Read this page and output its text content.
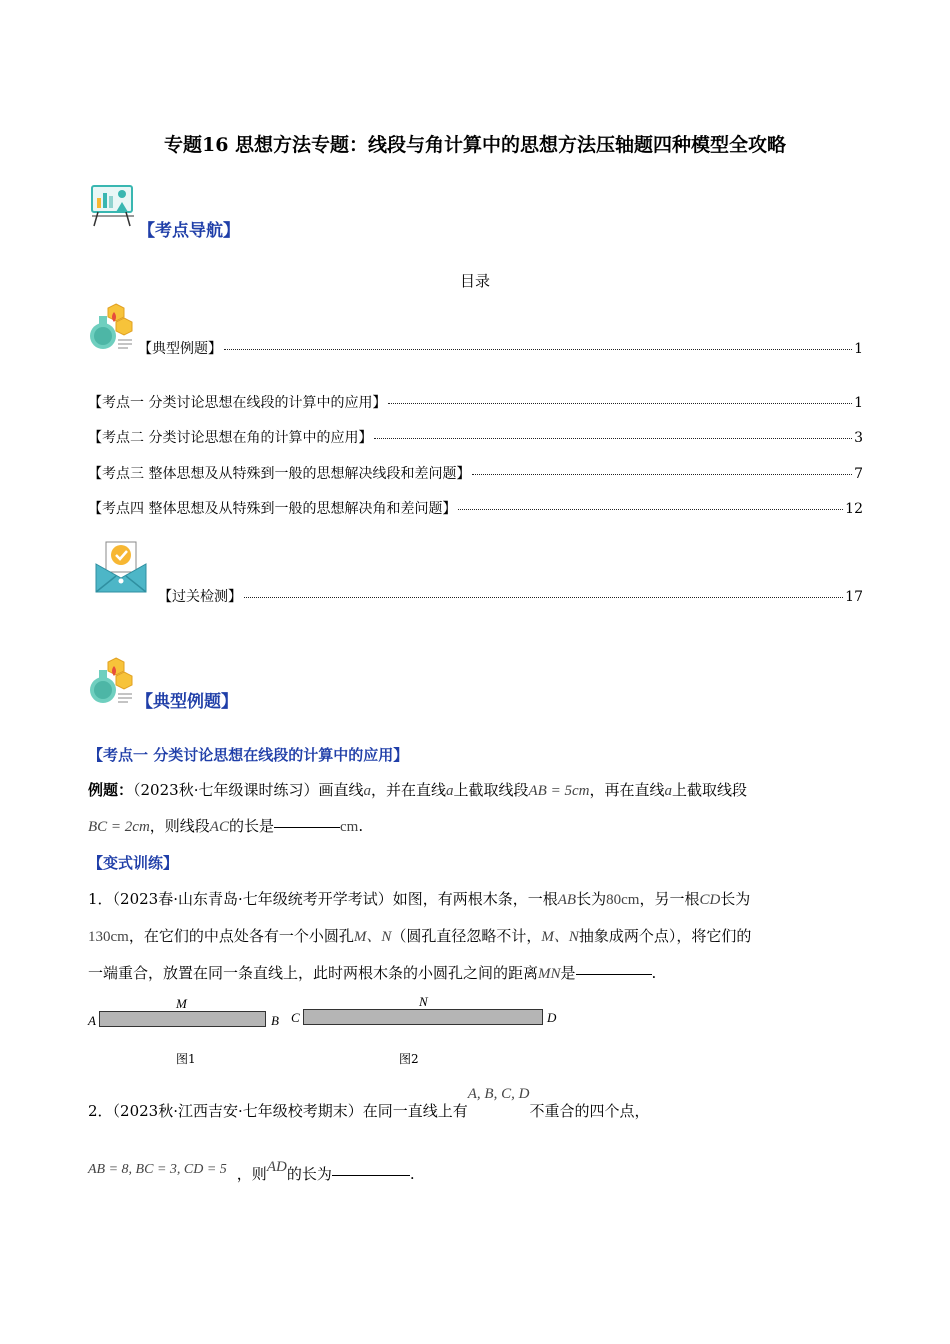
专题16 思想方法专题：线段与角计算中的思想方法压轴题四种模型全攻略
【考点导航】
目录
【典型例题】	1
【考点一 分类讨论思想在线段的计算中的应用】	1
【考点二 分类讨论思想在角的计算中的应用】	3
【考点三 整体思想及从特殊到一般的思想解决线段和差问题】	7
【考点四 整体思想及从特殊到一般的思想解决角和差问题】	12
【过关检测】	17
【典型例题】
【考点一 分类讨论思想在线段的计算中的应用】
例题：（2023秋·七年级课时练习）画直线a，并在直线a上截取线段AB = 5cm，再在直线a上截取线段
BC = 2cm，则线段AC的长是	cm.
【变式训练】
1．（2023春·山东青岛·七年级统考开学考试）如图，有两根木条，一根AB长为80cm，另一根CD长为
130cm，在它们的中点处各有一个小圆孔M、N（圆孔直径忽略不计，M、N抽象成两个点），将它们的
一端重合，放置在同一条直线上，此时两根木条的小圆孔之间的距离MN是	.
A
M
B C
N
D
图1	图2
2．（2023秋·江西吉安·七年级校考期末）在同一直线上有A, B, C, D不重合的四个点，
AB = 8, BC = 3, CD = 5 ，则AD的长为	.
